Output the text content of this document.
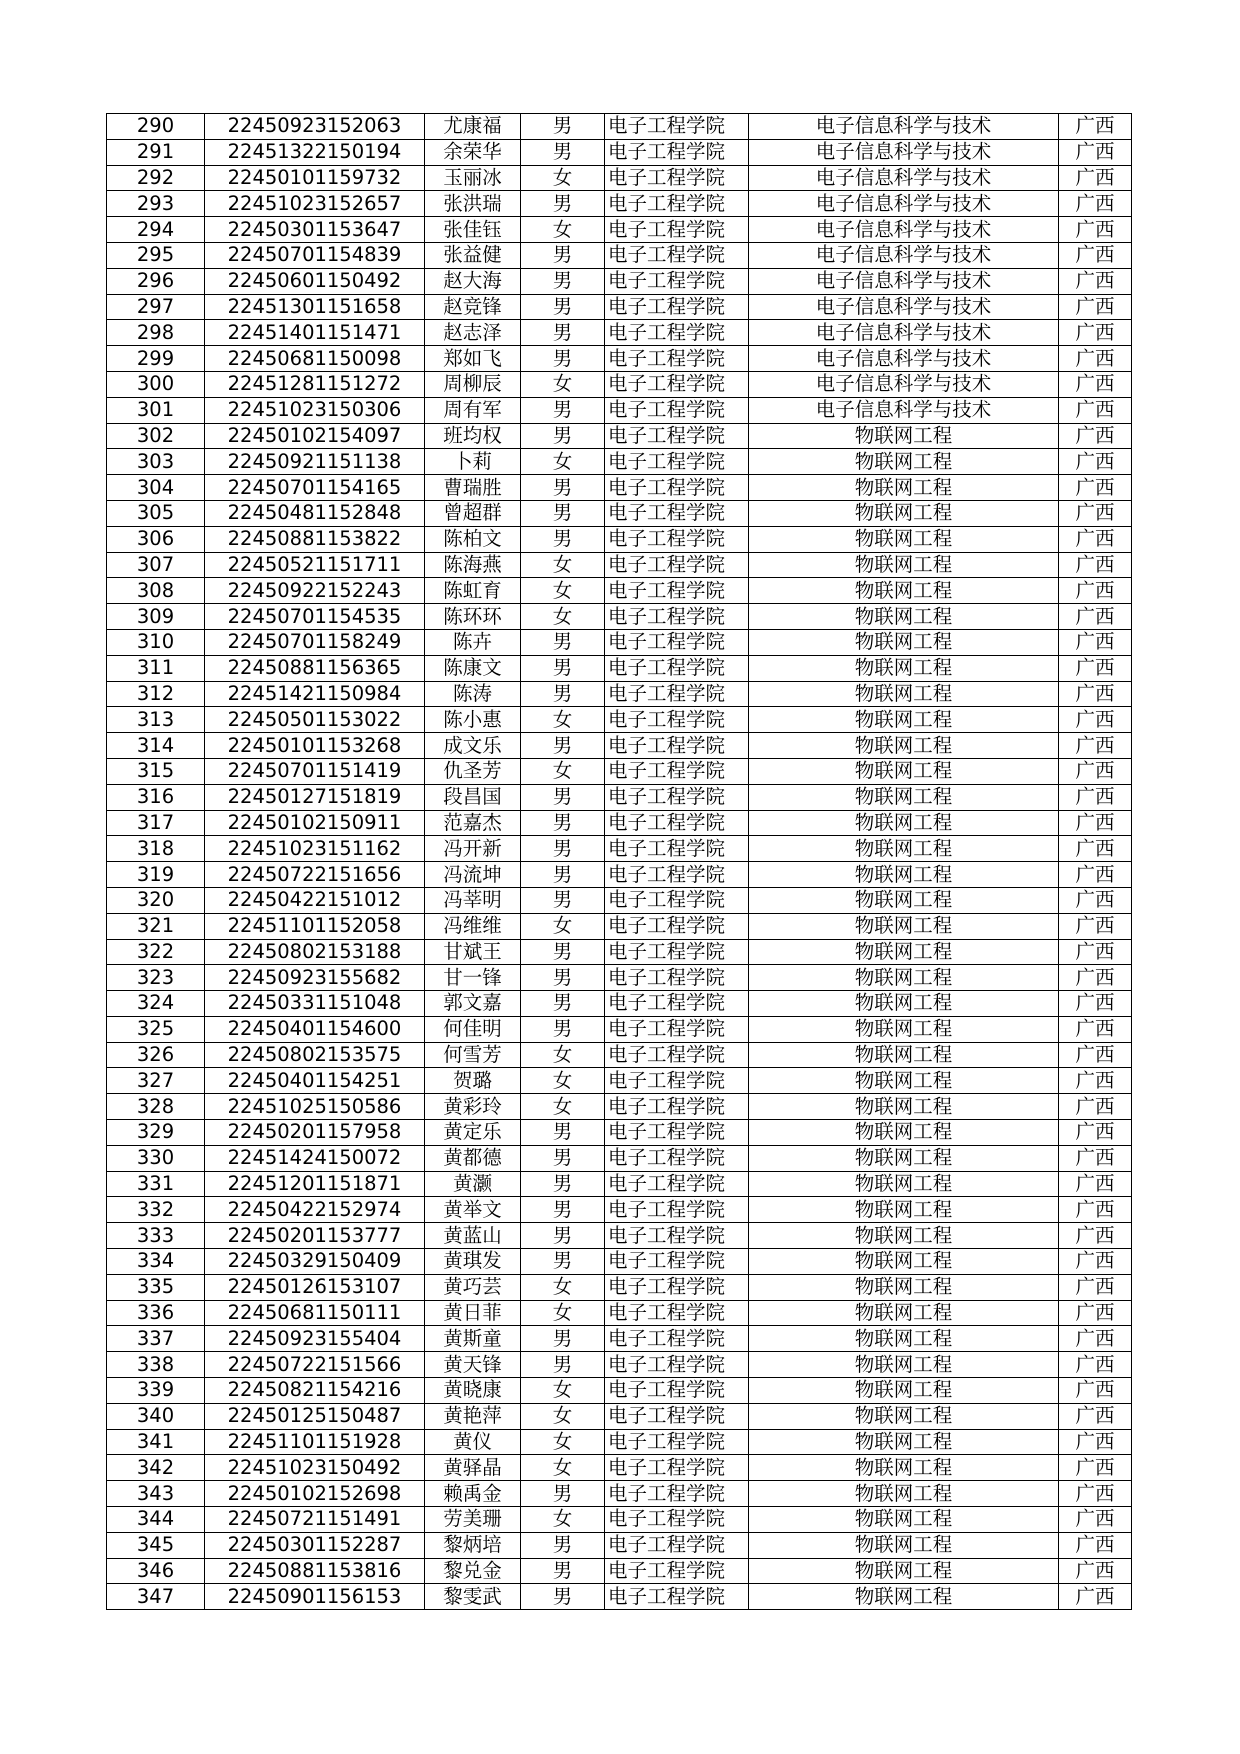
290	22450923152063	尤康福	男	电子工程学院	电子信息科学与技术	广西
291	22451322150194	余荣华	男	电子工程学院	电子信息科学与技术	广西
292	22450101159732	玉丽冰	女	电子工程学院	电子信息科学与技术	广西
293	22451023152657	张洪瑞	男	电子工程学院	电子信息科学与技术	广西
294	22450301153647	张佳钰	女	电子工程学院	电子信息科学与技术	广西
295	22450701154839	张益健	男	电子工程学院	电子信息科学与技术	广西
296	22450601150492	赵大海	男	电子工程学院	电子信息科学与技术	广西
297	22451301151658	赵竞锋	男	电子工程学院	电子信息科学与技术	广西
298	22451401151471	赵志泽	男	电子工程学院	电子信息科学与技术	广西
299	22450681150098	郑如飞	男	电子工程学院	电子信息科学与技术	广西
300	22451281151272	周柳辰	女	电子工程学院	电子信息科学与技术	广西
301	22451023150306	周有军	男	电子工程学院	电子信息科学与技术	广西
302	22450102154097	班均权	男	电子工程学院	物联网工程	广西
303	22450921151138	卜莉	女	电子工程学院	物联网工程	广西
304	22450701154165	曹瑞胜	男	电子工程学院	物联网工程	广西
305	22450481152848	曾超群	男	电子工程学院	物联网工程	广西
306	22450881153822	陈柏文	男	电子工程学院	物联网工程	广西
307	22450521151711	陈海燕	女	电子工程学院	物联网工程	广西
308	22450922152243	陈虹育	女	电子工程学院	物联网工程	广西
309	22450701154535	陈环环	女	电子工程学院	物联网工程	广西
310	22450701158249	陈卉	男	电子工程学院	物联网工程	广西
311	22450881156365	陈康文	男	电子工程学院	物联网工程	广西
312	22451421150984	陈涛	男	电子工程学院	物联网工程	广西
313	22450501153022	陈小惠	女	电子工程学院	物联网工程	广西
314	22450101153268	成文乐	男	电子工程学院	物联网工程	广西
315	22450701151419	仇圣芳	女	电子工程学院	物联网工程	广西
316	22450127151819	段昌国	男	电子工程学院	物联网工程	广西
317	22450102150911	范嘉杰	男	电子工程学院	物联网工程	广西
318	22451023151162	冯开新	男	电子工程学院	物联网工程	广西
319	22450722151656	冯流坤	男	电子工程学院	物联网工程	广西
320	22450422151012	冯莘明	男	电子工程学院	物联网工程	广西
321	22451101152058	冯维维	女	电子工程学院	物联网工程	广西
322	22450802153188	甘斌王	男	电子工程学院	物联网工程	广西
323	22450923155682	甘一锋	男	电子工程学院	物联网工程	广西
324	22450331151048	郭文嘉	男	电子工程学院	物联网工程	广西
325	22450401154600	何佳明	男	电子工程学院	物联网工程	广西
326	22450802153575	何雪芳	女	电子工程学院	物联网工程	广西
327	22450401154251	贺璐	女	电子工程学院	物联网工程	广西
328	22451025150586	黄彩玲	女	电子工程学院	物联网工程	广西
329	22450201157958	黄定乐	男	电子工程学院	物联网工程	广西
330	22451424150072	黄都德	男	电子工程学院	物联网工程	广西
331	22451201151871	黄灏	男	电子工程学院	物联网工程	广西
332	22450422152974	黄举文	男	电子工程学院	物联网工程	广西
333	22450201153777	黄蓝山	男	电子工程学院	物联网工程	广西
334	22450329150409	黄琪发	男	电子工程学院	物联网工程	广西
335	22450126153107	黄巧芸	女	电子工程学院	物联网工程	广西
336	22450681150111	黄日菲	女	电子工程学院	物联网工程	广西
337	22450923155404	黄斯童	男	电子工程学院	物联网工程	广西
338	22450722151566	黄天锋	男	电子工程学院	物联网工程	广西
339	22450821154216	黄晓康	女	电子工程学院	物联网工程	广西
340	22450125150487	黄艳萍	女	电子工程学院	物联网工程	广西
341	22451101151928	黄仪	女	电子工程学院	物联网工程	广西
342	22451023150492	黄驿晶	女	电子工程学院	物联网工程	广西
343	22450102152698	赖禹金	男	电子工程学院	物联网工程	广西
344	22450721151491	劳美珊	女	电子工程学院	物联网工程	广西
345	22450301152287	黎炳培	男	电子工程学院	物联网工程	广西
346	22450881153816	黎兑金	男	电子工程学院	物联网工程	广西
347	22450901156153	黎雯武	男	电子工程学院	物联网工程	广西
